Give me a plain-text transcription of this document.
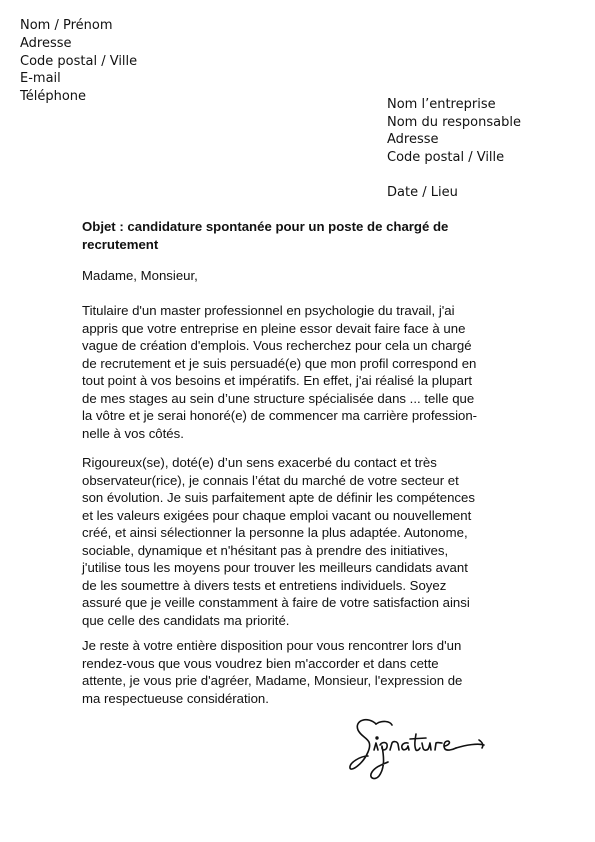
Nom / Prénom
Adresse
Code postal / Ville
E-mail
Téléphone
Nom l’entreprise
Nom du responsable
Adresse
Code postal / Ville
Date / Lieu
Objet : candidature spontanée pour un poste de chargé de recrutement
Madame, Monsieur,
Titulaire d'un master professionnel en psychologie du travail, j'ai
appris que votre entreprise en pleine essor devait faire face à une
vague de création d'emplois. Vous recherchez pour cela un chargé
de recrutement et je suis persuadé(e) que mon profil correspond en
tout point à vos besoins et impératifs. En effet, j'ai réalisé la plupart
de mes stages au sein d’une structure spécialisée dans ... telle que
la vôtre et je serai honoré(e) de commencer ma carrière profession-
nelle à vos côtés.
Rigoureux(se), doté(e) d’un sens exacerbé du contact et très
observateur(rice), je connais l’état du marché de votre secteur et
son évolution. Je suis parfaitement apte de définir les compétences
et les valeurs exigées pour chaque emploi vacant ou nouvellement
créé, et ainsi sélectionner la personne la plus adaptée. Autonome,
sociable, dynamique et n'hésitant pas à prendre des initiatives,
j'utilise tous les moyens pour trouver les meilleurs candidats avant
de les soumettre à divers tests et entretiens individuels. Soyez
assuré que je veille constamment à faire de votre satisfaction ainsi
que celle des candidats ma priorité.
Je reste à votre entière disposition pour vous rencontrer lors d'un
rendez-vous que vous voudrez bien m'accorder et dans cette
attente, je vous prie d'agréer, Madame, Monsieur, l'expression de
ma respectueuse considération.
